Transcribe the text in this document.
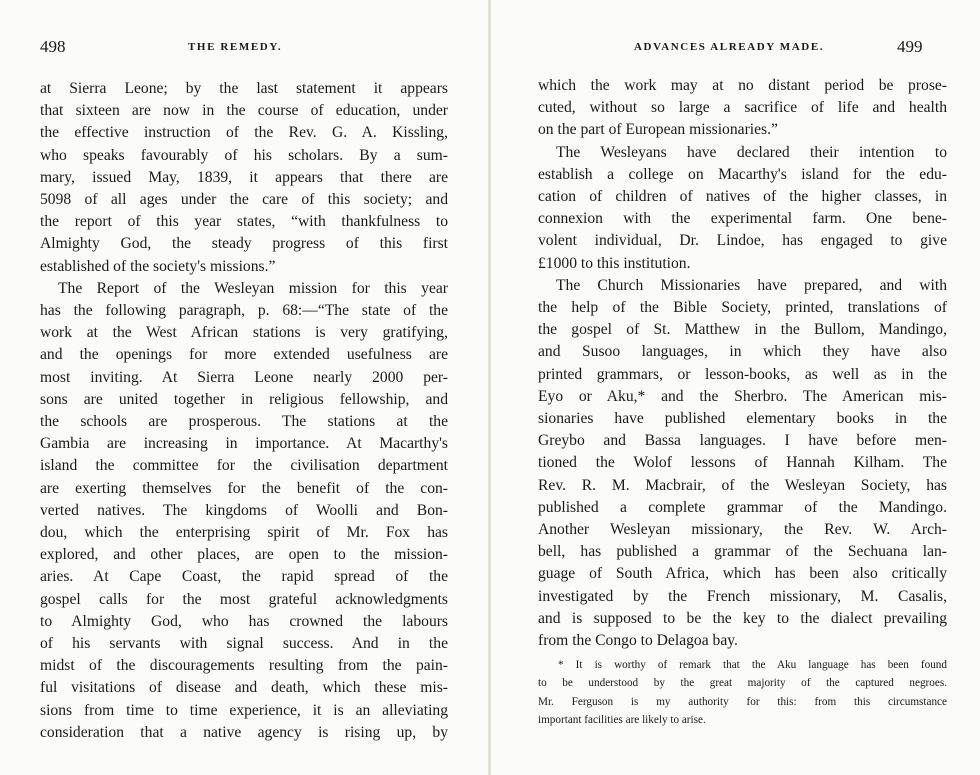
498	THE REMEDY.
at Sierra Leone; by the last statement it appears
that sixteen are now in the course of education, under
the effective instruction of the Rev. G. A. Kissling,
who speaks favourably of his scholars. By a sum-
mary, issued May, 1839, it appears that there are
5098 of all ages under the care of this society; and
the report of this year states, “with thankfulness to
Almighty God, the steady progress of this first
established of the society's missions.”
The Report of the Wesleyan mission for this year
has the following paragraph, p. 68:—“The state of the
work at the West African stations is very gratifying,
and the openings for more extended usefulness are
most inviting. At Sierra Leone nearly 2000 per-
sons are united together in religious fellowship, and
the schools are prosperous. The stations at the
Gambia are increasing in importance. At Macarthy's
island the committee for the civilisation department
are exerting themselves for the benefit of the con-
verted natives. The kingdoms of Woolli and Bon-
dou, which the enterprising spirit of Mr. Fox has
explored, and other places, are open to the mission-
aries. At Cape Coast, the rapid spread of the
gospel calls for the most grateful acknowledgments
to Almighty God, who has crowned the labours
of his servants with signal success. And in the
midst of the discouragements resulting from the pain-
ful visitations of disease and death, which these mis-
sions from time to time experience, it is an alleviating
consideration that a native agency is rising up, by
ADVANCES ALREADY MADE.	499
which the work may at no distant period be prose-
cuted, without so large a sacrifice of life and health
on the part of European missionaries.”
The Wesleyans have declared their intention to
establish a college on Macarthy's island for the edu-
cation of children of natives of the higher classes, in
connexion with the experimental farm. One bene-
volent individual, Dr. Lindoe, has engaged to give
£1000 to this institution.
The Church Missionaries have prepared, and with
the help of the Bible Society, printed, translations of
the gospel of St. Matthew in the Bullom, Mandingo,
and Susoo languages, in which they have also
printed grammars, or lesson-books, as well as in the
Eyo or Aku,* and the Sherbro. The American mis-
sionaries have published elementary books in the
Greybo and Bassa languages. I have before men-
tioned the Wolof lessons of Hannah Kilham. The
Rev. R. M. Macbrair, of the Wesleyan Society, has
published a complete grammar of the Mandingo.
Another Wesleyan missionary, the Rev. W. Arch-
bell, has published a grammar of the Sechuana lan-
guage of South Africa, which has been also critically
investigated by the French missionary, M. Casalis,
and is supposed to be the key to the dialect prevailing
from the Congo to Delagoa bay.
* It is worthy of remark that the Aku language has been found
to be understood by the great majority of the captured negroes.
Mr. Ferguson is my authority for this: from this circumstance
important facilities are likely to arise.
